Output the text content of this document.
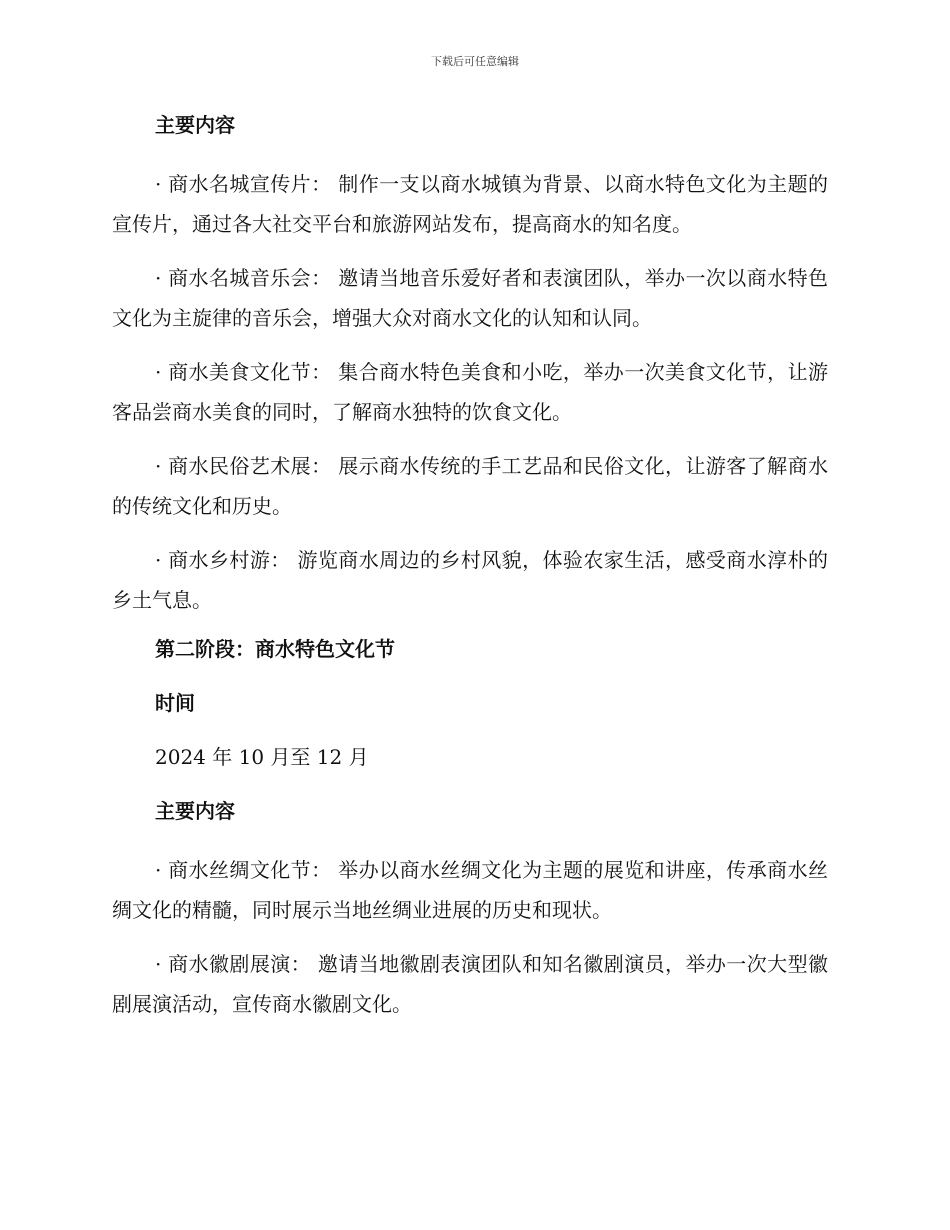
下载后可任意编辑
主要内容

· 商水名城宣传片： 制作一支以商水城镇为背景、以商水特色文化为主题的宣传片，通过各大社交平台和旅游网站发布，提高商水的知名度。

· 商水名城音乐会： 邀请当地音乐爱好者和表演团队，举办一次以商水特色文化为主旋律的音乐会，增强大众对商水文化的认知和认同。

· 商水美食文化节： 集合商水特色美食和小吃，举办一次美食文化节，让游客品尝商水美食的同时，了解商水独特的饮食文化。

· 商水民俗艺术展： 展示商水传统的手工艺品和民俗文化，让游客了解商水的传统文化和历史。

· 商水乡村游： 游览商水周边的乡村风貌，体验农家生活，感受商水淳朴的乡土气息。

第二阶段：商水特色文化节
时间
2024 年 10 月至 12 月
主要内容

· 商水丝绸文化节： 举办以商水丝绸文化为主题的展览和讲座，传承商水丝绸文化的精髓，同时展示当地丝绸业进展的历史和现状。

· 商水徽剧展演： 邀请当地徽剧表演团队和知名徽剧演员，举办一次大型徽剧展演活动，宣传商水徽剧文化。
